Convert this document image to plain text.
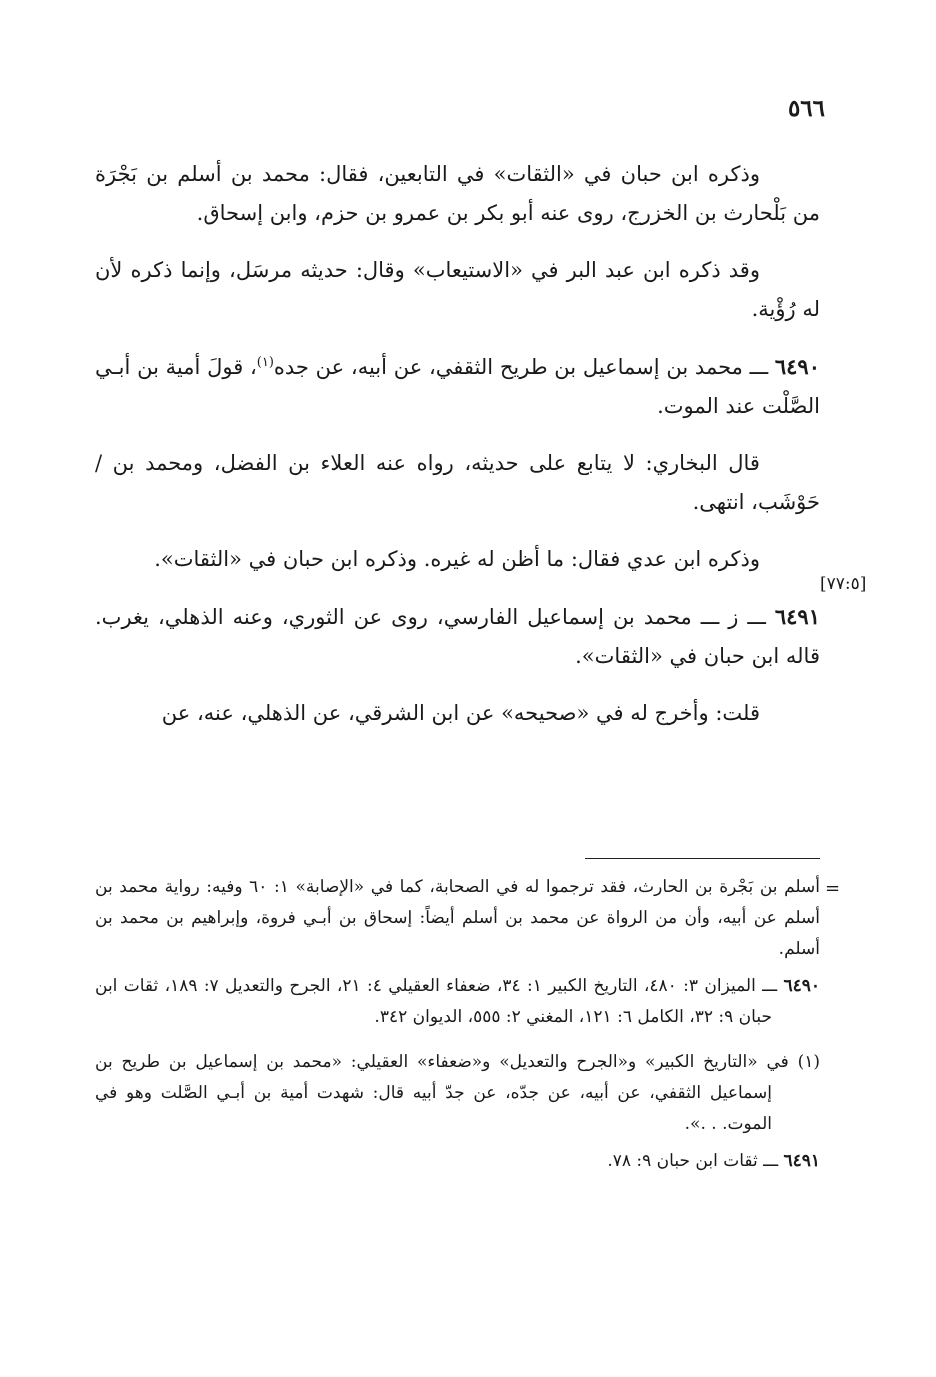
٥٦٦

وذكره ابن حبان في «الثقات» في التابعين، فقال: محمد بن أسلم بن بَجْرَة من بَلْحارث بن الخزرج، روى عنه أبو بكر بن عمرو بن حزم، وابن إسحاق.

وقد ذكره ابن عبد البر في «الاستيعاب» وقال: حديثه مرسَل، وإنما ذكره لأن له رُؤْية.

٦٤٩٠ ـــ محمد بن إسماعيل بن طريح الثقفي، عن أبيه، عن جده$^{(١)}$، قولَ أمية بن أبـي الصَّلْت عند الموت.

قال البخاري: لا يتابع على حديثه، رواه عنه العلاء بن الفضل، ومحمد بن / حَوْشَب، انتهى.

وذكره ابن عدي فقال: ما أظن له غيره. وذكره ابن حبان في «الثقات».

٦٤٩١ ـــ ز ـــ محمد بن إسماعيل الفارسي، روى عن الثوري، وعنه الذهلي، يغرب. قاله ابن حبان في «الثقات».

قلت: وأخرج له في «صحيحه» عن ابن الشرقي، عن الذهلي، عنه، عن

[٧٧:٥]
=

أسلم بن بَجْرة بن الحارث، فقد ترجموا له في الصحابة، كما في «الإصابة» ١: ٦٠ وفيه: رواية محمد بن أسلم عن أبيه، وأن من الرواة عن محمد بن أسلم أيضاً: إسحاق بن أبـي فروة، وإبراهيم بن محمد بن أسلم.

٦٤٩٠ ـــ الميزان ٣: ٤٨٠، التاريخ الكبير ١: ٣٤، ضعفاء العقيلي ٤: ٢١، الجرح والتعديل ٧: ١٨٩، ثقات ابن حبان ٩: ٣٢، الكامل ٦: ١٢١، المغني ٢: ٥٥٥، الديوان ٣٤٢.

(١) في «التاريخ الكبير» و«الجرح والتعديل» و«ضعفاء» العقيلي: «محمد بن إسماعيل بن طريح بن إسماعيل الثقفي، عن أبيه، عن جدّه، عن جدّ أبيه قال: شهدت أمية بن أبـي الصَّلت وهو في الموت. . .».

٦٤٩١ ـــ ثقات ابن حبان ٩: ٧٨.
